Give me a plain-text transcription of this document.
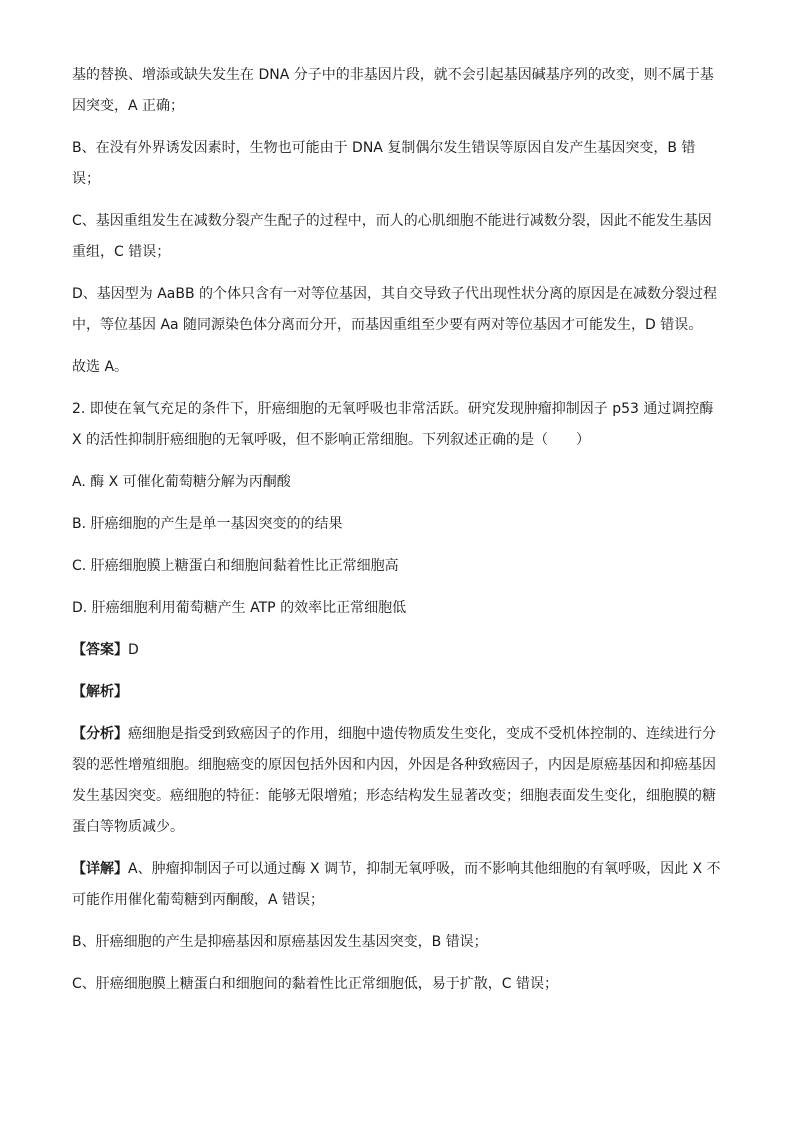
基的替换、增添或缺失发生在 DNA 分子中的非基因片段，就不会引起基因碱基序列的改变，则不属于基
因突变，A 正确；

B、在没有外界诱发因素时，生物也可能由于 DNA 复制偶尔发生错误等原因自发产生基因突变，B 错误；

C、基因重组发生在减数分裂产生配子的过程中，而人的心肌细胞不能进行减数分裂，因此不能发生基因
重组，C 错误；

D、基因型为 AaBB 的个体只含有一对等位基因，其自交导致子代出现性状分离的原因是在减数分裂过程
中，等位基因 Aa 随同源染色体分离而分开，而基因重组至少要有两对等位基因才可能发生，D 错误。

故选 A。

2. 即使在氧气充足的条件下，肝癌细胞的无氧呼吸也非常活跃。研究发现肿瘤抑制因子 p53 通过调控酶
X 的活性抑制肝癌细胞的无氧呼吸，但不影响正常细胞。下列叙述正确的是（　　）

A. 酶 X 可催化葡萄糖分解为丙酮酸

B. 肝癌细胞的产生是单一基因突变的的结果

C. 肝癌细胞膜上糖蛋白和细胞间黏着性比正常细胞高

D. 肝癌细胞利用葡萄糖产生 ATP 的效率比正常细胞低

【答案】D

【解析】

【分析】癌细胞是指受到致癌因子的作用，细胞中遗传物质发生变化，变成不受机体控制的、连续进行分
裂的恶性增殖细胞。细胞癌变的原因包括外因和内因，外因是各种致癌因子，内因是原癌基因和抑癌基因
发生基因突变。癌细胞的特征：能够无限增殖；形态结构发生显著改变；细胞表面发生变化，细胞膜的糖
蛋白等物质减少。

【详解】A、肿瘤抑制因子可以通过酶 X 调节，抑制无氧呼吸，而不影响其他细胞的有氧呼吸，因此 X 不
可能作用催化葡萄糖到丙酮酸，A 错误；

B、肝癌细胞的产生是抑癌基因和原癌基因发生基因突变，B 错误；

C、肝癌细胞膜上糖蛋白和细胞间的黏着性比正常细胞低，易于扩散，C 错误；
